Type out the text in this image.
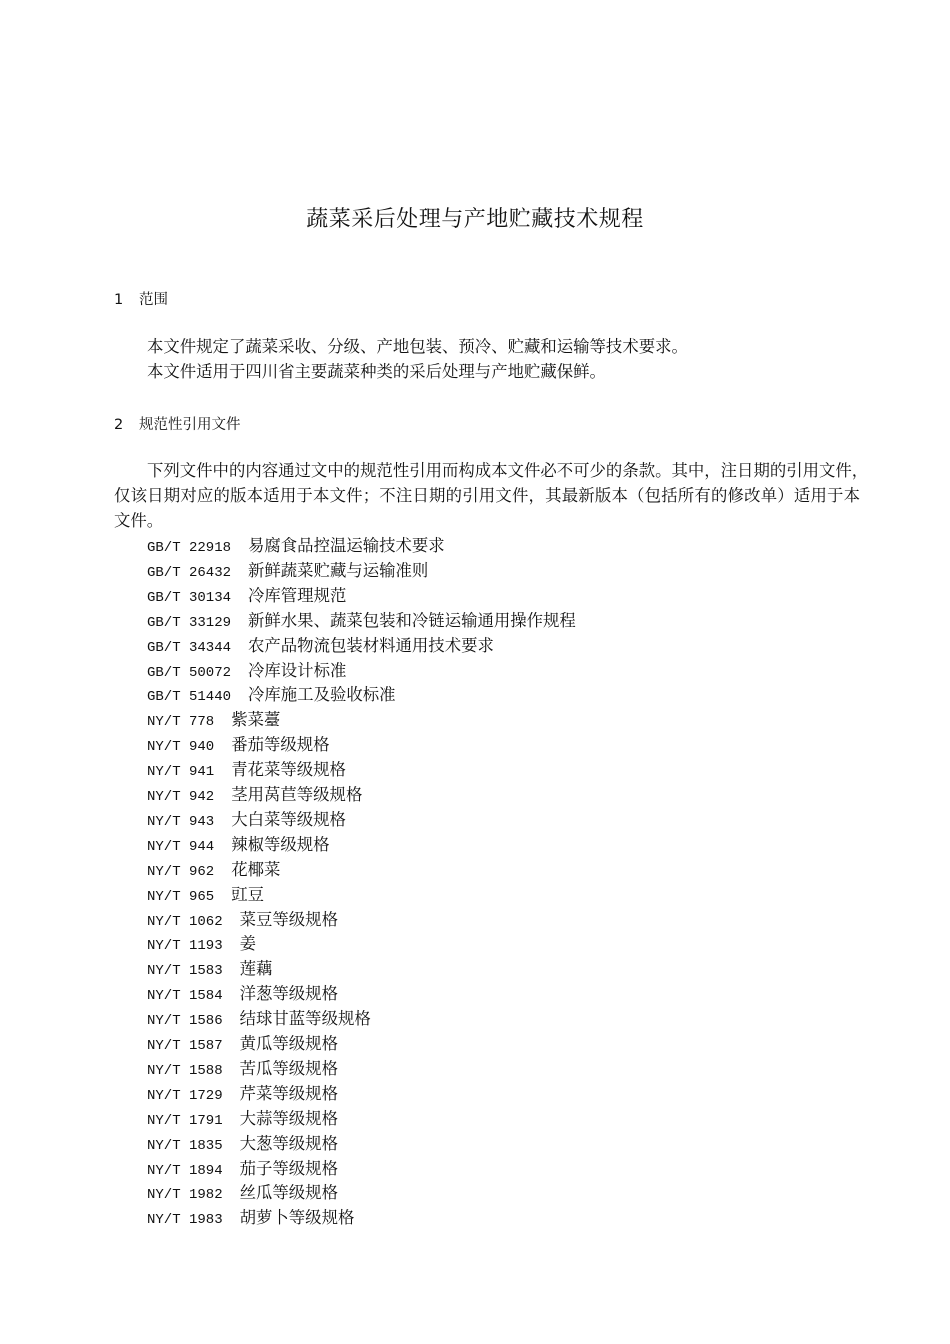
蔬菜采后处理与产地贮藏技术规程
1 范围
本文件规定了蔬菜采收、分级、产地包装、预冷、贮藏和运输等技术要求。
本文件适用于四川省主要蔬菜种类的采后处理与产地贮藏保鲜。
2 规范性引用文件
下列文件中的内容通过文中的规范性引用而构成本文件必不可少的条款。其中，注日期的引用文件，
仅该日期对应的版本适用于本文件；不注日期的引用文件，其最新版本（包括所有的修改单）适用于本
文件。
GB/T 22918 易腐食品控温运输技术要求
GB/T 26432 新鲜蔬菜贮藏与运输准则
GB/T 30134 冷库管理规范
GB/T 33129 新鲜水果、蔬菜包装和冷链运输通用操作规程
GB/T 34344 农产品物流包装材料通用技术要求
GB/T 50072 冷库设计标准
GB/T 51440 冷库施工及验收标准
NY/T 778 紫菜薹
NY/T 940 番茄等级规格
NY/T 941 青花菜等级规格
NY/T 942 茎用莴苣等级规格
NY/T 943 大白菜等级规格
NY/T 944 辣椒等级规格
NY/T 962 花椰菜
NY/T 965 豇豆
NY/T 1062 菜豆等级规格
NY/T 1193 姜
NY/T 1583 莲藕
NY/T 1584 洋葱等级规格
NY/T 1586 结球甘蓝等级规格
NY/T 1587 黄瓜等级规格
NY/T 1588 苦瓜等级规格
NY/T 1729 芹菜等级规格
NY/T 1791 大蒜等级规格
NY/T 1835 大葱等级规格
NY/T 1894 茄子等级规格
NY/T 1982 丝瓜等级规格
NY/T 1983 胡萝卜等级规格
